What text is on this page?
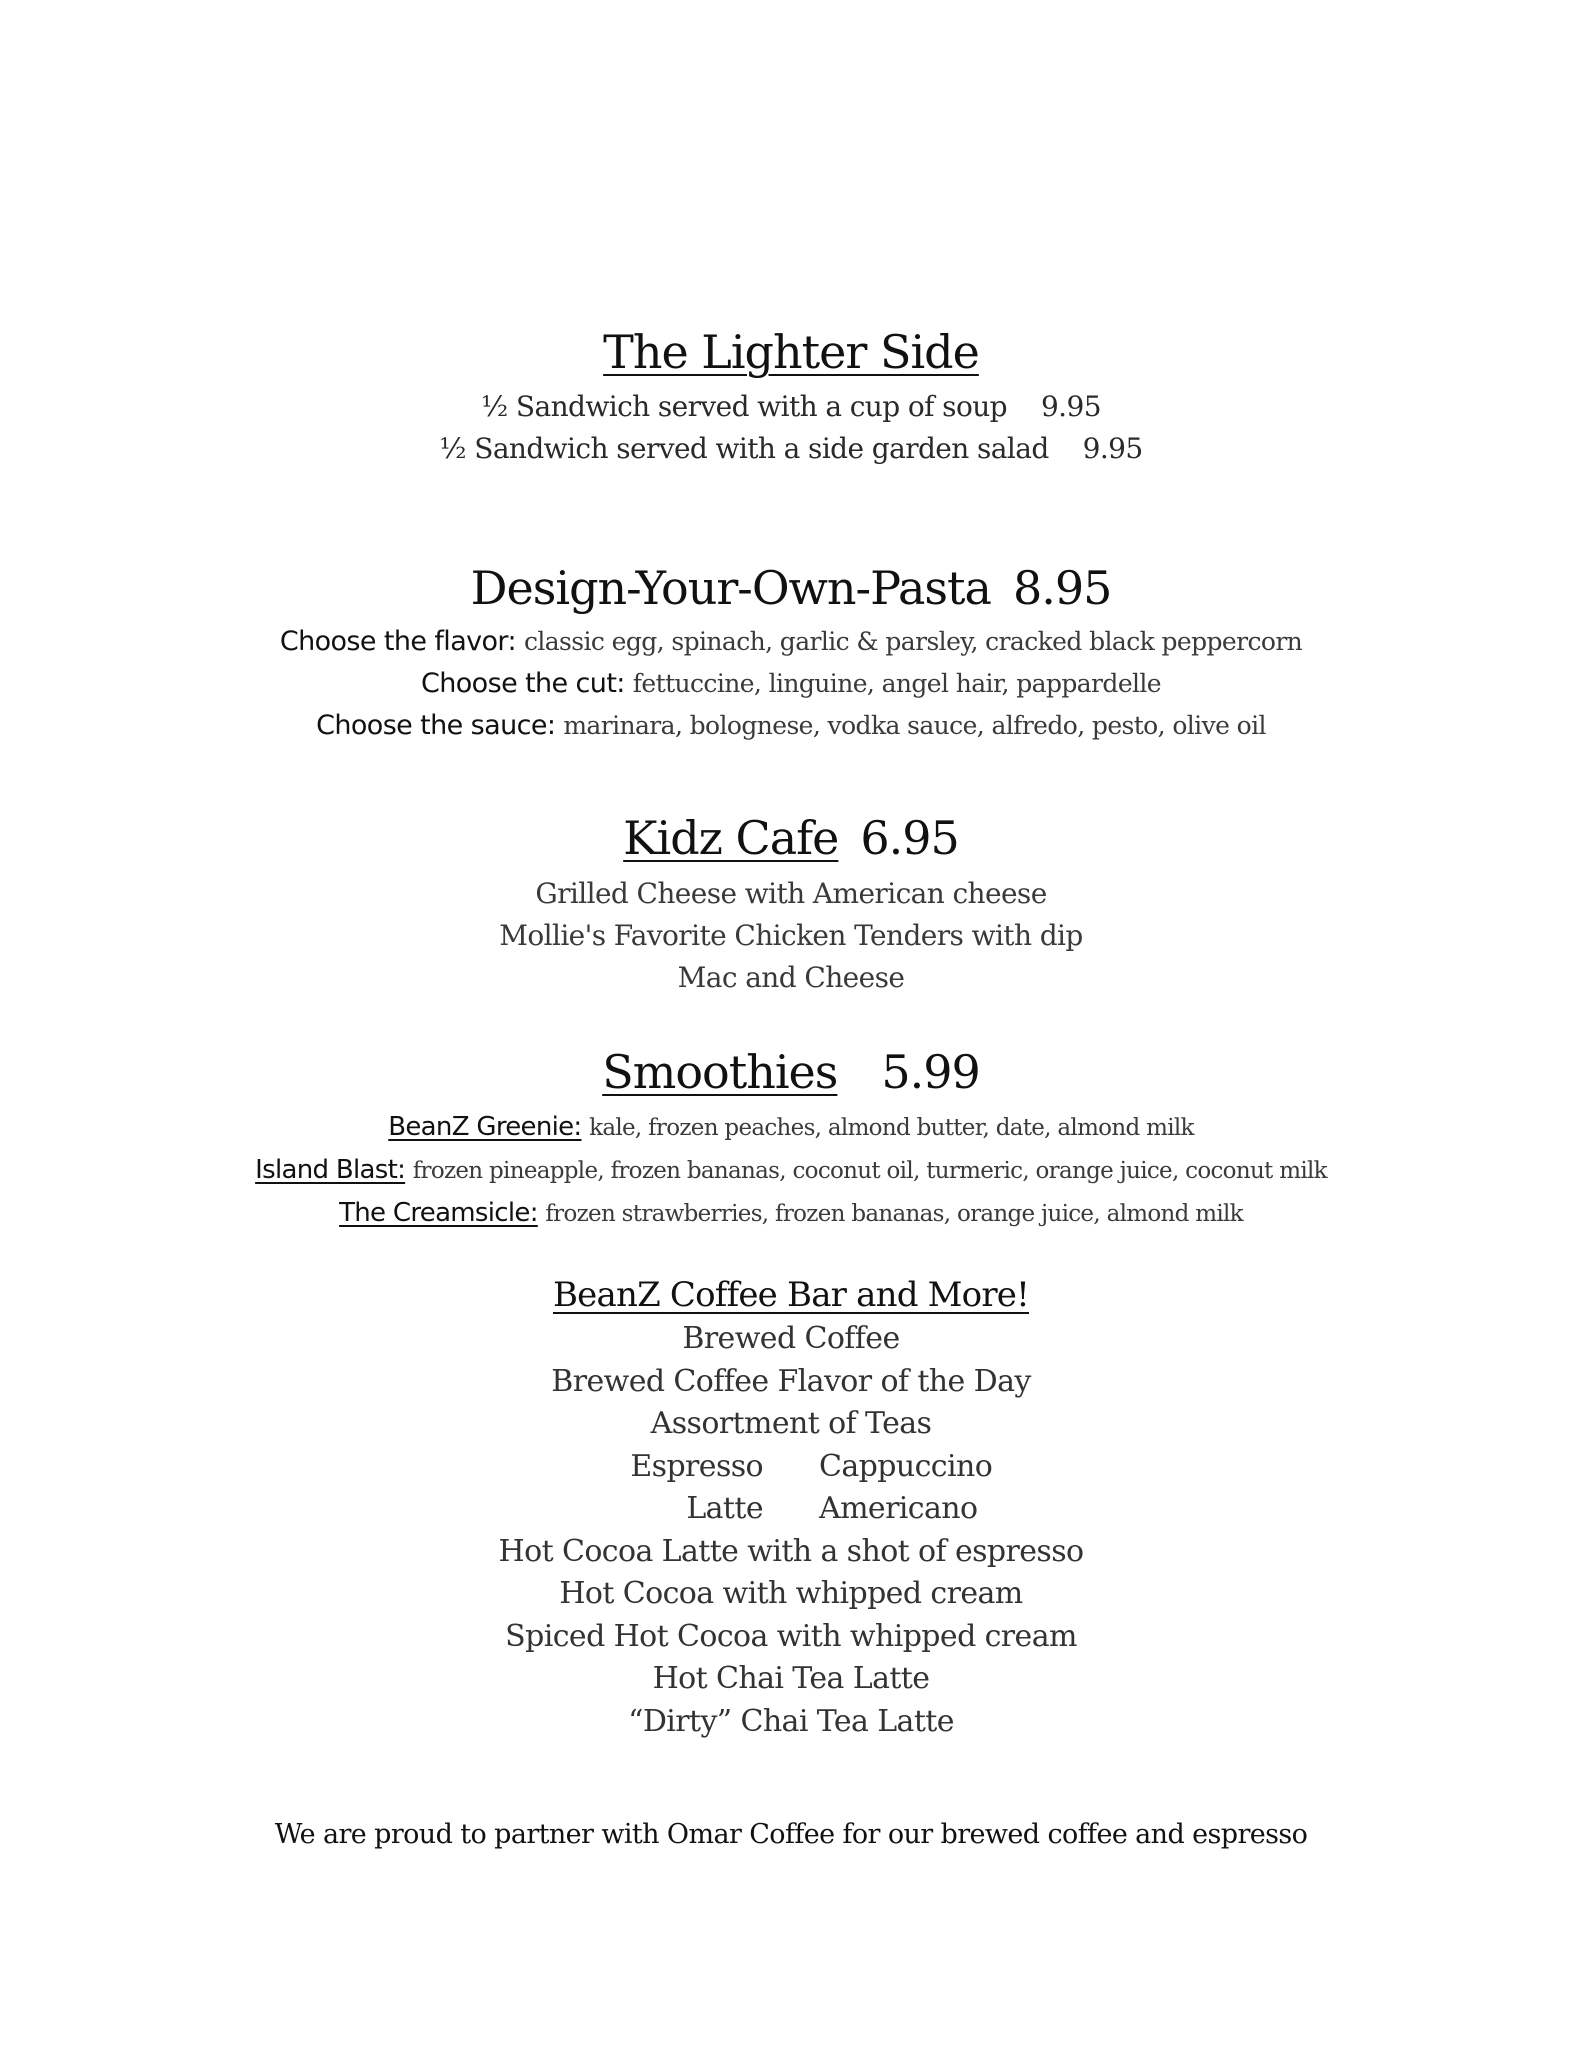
The Lighter Side
½ Sandwich served with a cup of soup 9.95
½ Sandwich served with a side garden salad 9.95
Design-Your-Own-Pasta 8.95
Choose the flavor: classic egg, spinach, garlic & parsley, cracked black peppercorn
Choose the cut: fettuccine, linguine, angel hair, pappardelle
Choose the sauce: marinara, bolognese, vodka sauce, alfredo, pesto, olive oil
Kidz Cafe 6.95
Grilled Cheese with American cheese
Mollie's Favorite Chicken Tenders with dip
Mac and Cheese
Smoothies 5.99
BeanZ Greenie: kale, frozen peaches, almond butter, date, almond milk
Island Blast: frozen pineapple, frozen bananas, coconut oil, turmeric, orange juice, coconut milk
The Creamsicle: frozen strawberries, frozen bananas, orange juice, almond milk
BeanZ Coffee Bar and More!
Brewed Coffee
Brewed Coffee Flavor of the Day
Assortment of Teas
Espresso	Cappuccino
Latte	Americano
Hot Cocoa Latte with a shot of espresso
Hot Cocoa with whipped cream
Spiced Hot Cocoa with whipped cream
Hot Chai Tea Latte
“Dirty” Chai Tea Latte
We are proud to partner with Omar Coffee for our brewed coffee and espresso
